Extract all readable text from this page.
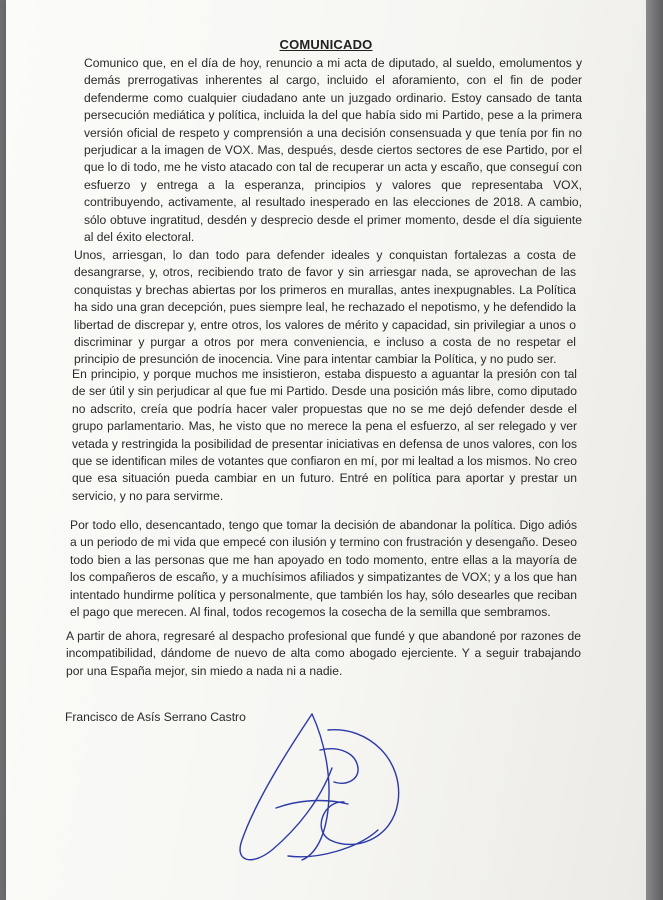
COMUNICADO

Comunico que, en el día de hoy, renuncio a mi acta de diputado, al sueldo, emolumentos y demás prerrogativas inherentes al cargo, incluido el aforamiento, con el fin de poder defenderme como cualquier ciudadano ante un juzgado ordinario. Estoy cansado de tanta persecución mediática y política, incluida la del que había sido mi Partido, pese a la primera versión oficial de respeto y comprensión a una decisión consensuada y que tenía por fin no perjudicar a la imagen de VOX. Mas, después, desde ciertos sectores de ese Partido, por el que lo di todo, me he visto atacado con tal de recuperar un acta y escaño, que conseguí con esfuerzo y entrega a la esperanza, principios y valores que representaba VOX, contribuyendo, activamente, al resultado inesperado en las elecciones de 2018. A cambio, sólo obtuve ingratitud, desdén y desprecio desde el primer momento, desde el día siguiente al del éxito electoral.

Unos, arriesgan, lo dan todo para defender ideales y conquistan fortalezas a costa de desangrarse, y, otros, recibiendo trato de favor y sin arriesgar nada, se aprovechan de las conquistas y brechas abiertas por los primeros en murallas, antes inexpugnables. La Política ha sido una gran decepción, pues siempre leal, he rechazado el nepotismo, y he defendido la libertad de discrepar y, entre otros, los valores de mérito y capacidad, sin privilegiar a unos o discriminar y purgar a otros por mera conveniencia, e incluso a costa de no respetar el principio de presunción de inocencia. Vine para intentar cambiar la Política, y no pudo ser.

En principio, y porque muchos me insistieron, estaba dispuesto a aguantar la presión con tal de ser útil y sin perjudicar al que fue mi Partido. Desde una posición más libre, como diputado no adscrito, creía que podría hacer valer propuestas que no se me dejó defender desde el grupo parlamentario. Mas, he visto que no merece la pena el esfuerzo, al ser relegado y ver vetada y restringida la posibilidad de presentar iniciativas en defensa de unos valores, con los que se identifican miles de votantes que confiaron en mí, por mi lealtad a los mismos. No creo que esa situación pueda cambiar en un futuro. Entré en política para aportar y prestar un servicio, y no para servirme.

Por todo ello, desencantado, tengo que tomar la decisión de abandonar la política. Digo adiós a un periodo de mi vida que empecé con ilusión y termino con frustración y desengaño. Deseo todo bien a las personas que me han apoyado en todo momento, entre ellas a la mayoría de los compañeros de escaño, y a muchísimos afiliados y simpatizantes de VOX; y a los que han intentado hundirme política y personalmente, que también los hay, sólo desearles que reciban el pago que merecen. Al final, todos recogemos la cosecha de la semilla que sembramos.

A partir de ahora, regresaré al despacho profesional que fundé y que abandoné por razones de incompatibilidad, dándome de nuevo de alta como abogado ejerciente. Y a seguir trabajando por una España mejor, sin miedo a nada ni a nadie.

Francisco de Asís Serrano Castro
